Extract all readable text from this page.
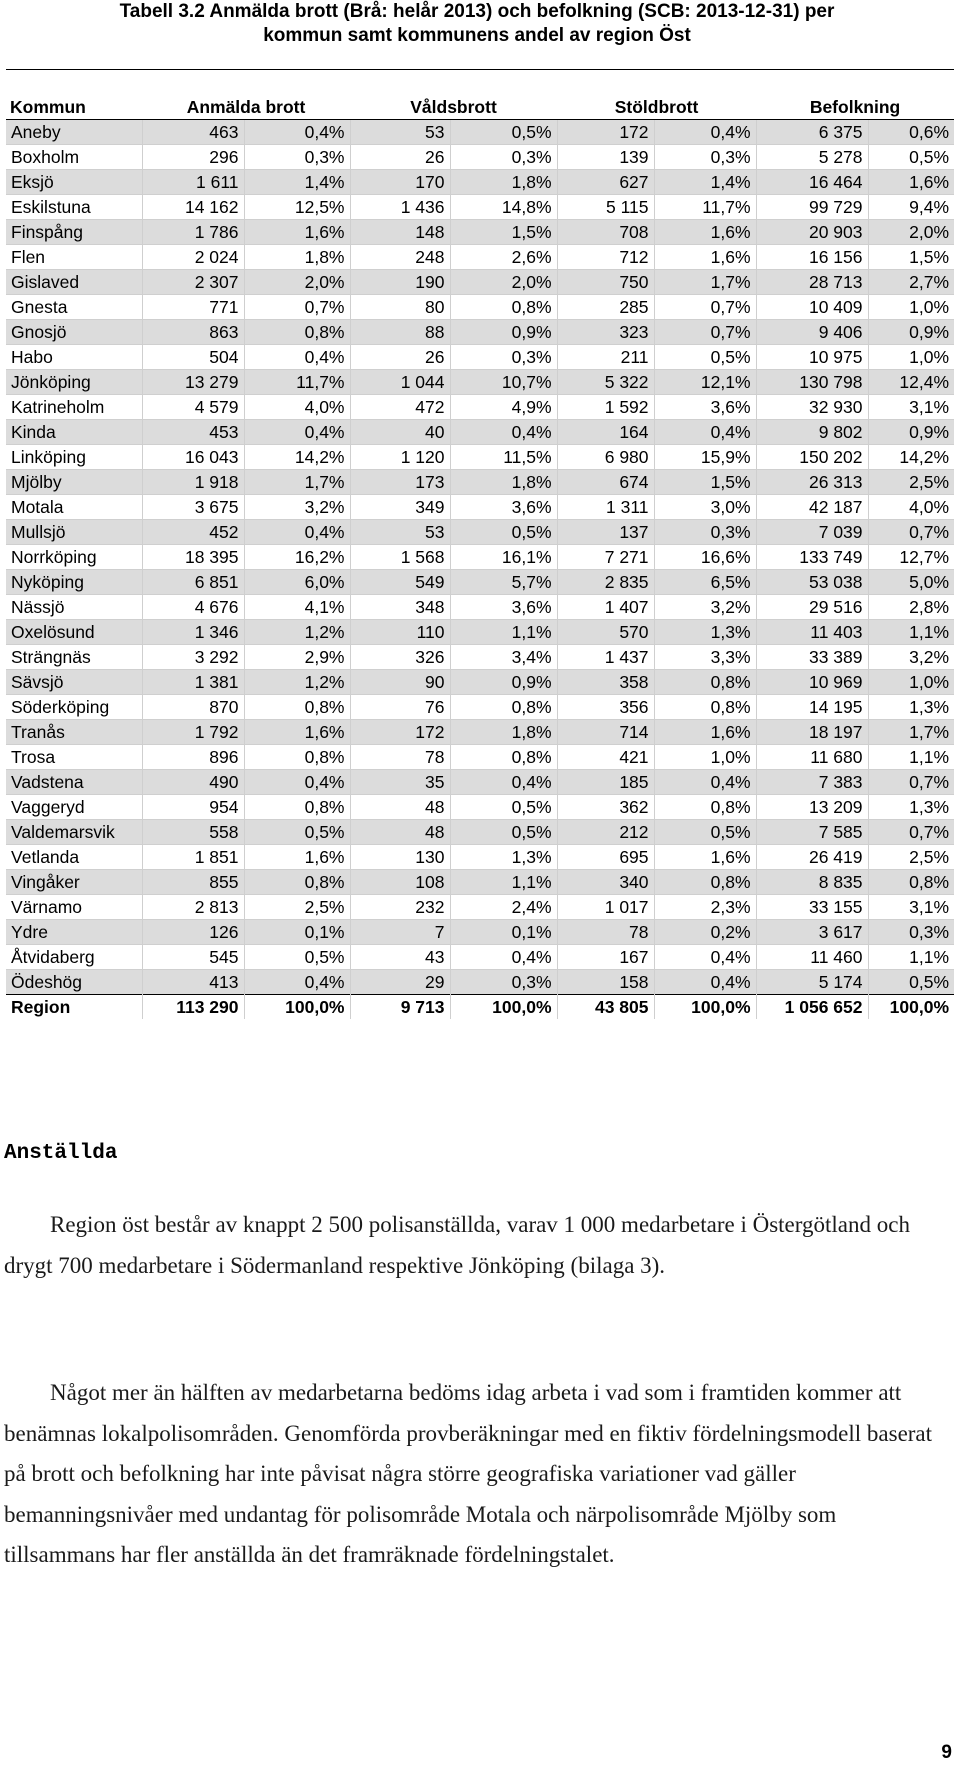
Tabell 3.2 Anmälda brott (Brå: helår 2013) och befolkning (SCB: 2013-12-31) per
kommun samt kommunens andel av region Öst
Kommun	Anmälda brott		Våldsbrott		Stöldbrott		Befolkning	
Aneby	463	0,4%	53	0,5%	172	0,4%	6 375	0,6%
Boxholm	296	0,3%	26	0,3%	139	0,3%	5 278	0,5%
Eksjö	1 611	1,4%	170	1,8%	627	1,4%	16 464	1,6%
Eskilstuna	14 162	12,5%	1 436	14,8%	5 115	11,7%	99 729	9,4%
Finspång	1 786	1,6%	148	1,5%	708	1,6%	20 903	2,0%
Flen	2 024	1,8%	248	2,6%	712	1,6%	16 156	1,5%
Gislaved	2 307	2,0%	190	2,0%	750	1,7%	28 713	2,7%
Gnesta	771	0,7%	80	0,8%	285	0,7%	10 409	1,0%
Gnosjö	863	0,8%	88	0,9%	323	0,7%	9 406	0,9%
Habo	504	0,4%	26	0,3%	211	0,5%	10 975	1,0%
Jönköping	13 279	11,7%	1 044	10,7%	5 322	12,1%	130 798	12,4%
Katrineholm	4 579	4,0%	472	4,9%	1 592	3,6%	32 930	3,1%
Kinda	453	0,4%	40	0,4%	164	0,4%	9 802	0,9%
Linköping	16 043	14,2%	1 120	11,5%	6 980	15,9%	150 202	14,2%
Mjölby	1 918	1,7%	173	1,8%	674	1,5%	26 313	2,5%
Motala	3 675	3,2%	349	3,6%	1 311	3,0%	42 187	4,0%
Mullsjö	452	0,4%	53	0,5%	137	0,3%	7 039	0,7%
Norrköping	18 395	16,2%	1 568	16,1%	7 271	16,6%	133 749	12,7%
Nyköping	6 851	6,0%	549	5,7%	2 835	6,5%	53 038	5,0%
Nässjö	4 676	4,1%	348	3,6%	1 407	3,2%	29 516	2,8%
Oxelösund	1 346	1,2%	110	1,1%	570	1,3%	11 403	1,1%
Strängnäs	3 292	2,9%	326	3,4%	1 437	3,3%	33 389	3,2%
Sävsjö	1 381	1,2%	90	0,9%	358	0,8%	10 969	1,0%
Söderköping	870	0,8%	76	0,8%	356	0,8%	14 195	1,3%
Tranås	1 792	1,6%	172	1,8%	714	1,6%	18 197	1,7%
Trosa	896	0,8%	78	0,8%	421	1,0%	11 680	1,1%
Vadstena	490	0,4%	35	0,4%	185	0,4%	7 383	0,7%
Vaggeryd	954	0,8%	48	0,5%	362	0,8%	13 209	1,3%
Valdemarsvik	558	0,5%	48	0,5%	212	0,5%	7 585	0,7%
Vetlanda	1 851	1,6%	130	1,3%	695	1,6%	26 419	2,5%
Vingåker	855	0,8%	108	1,1%	340	0,8%	8 835	0,8%
Värnamo	2 813	2,5%	232	2,4%	1 017	2,3%	33 155	3,1%
Ydre	126	0,1%	7	0,1%	78	0,2%	3 617	0,3%
Åtvidaberg	545	0,5%	43	0,4%	167	0,4%	11 460	1,1%
Ödeshög	413	0,4%	29	0,3%	158	0,4%	5 174	0,5%
Region	113 290	100,0%	9 713	100,0%	43 805	100,0%	1 056 652	100,0%
Anställda
Region öst består av knappt 2 500 polisanställda, varav 1 000 medarbetare i Östergötland och drygt 700 medarbetare i Södermanland respektive Jönköping (bilaga 3).
Något mer än hälften av medarbetarna bedöms idag arbeta i vad som i framtiden kommer att benämnas lokalpolisområden. Genomförda provberäkningar med en fiktiv fördelningsmodell baserat på brott och befolkning har inte påvisat några större geografiska variationer vad gäller bemanningsnivåer med undantag för polisområde Motala och närpolisområde Mjölby som tillsammans har fler anställda än det framräknade fördelningstalet.
9
